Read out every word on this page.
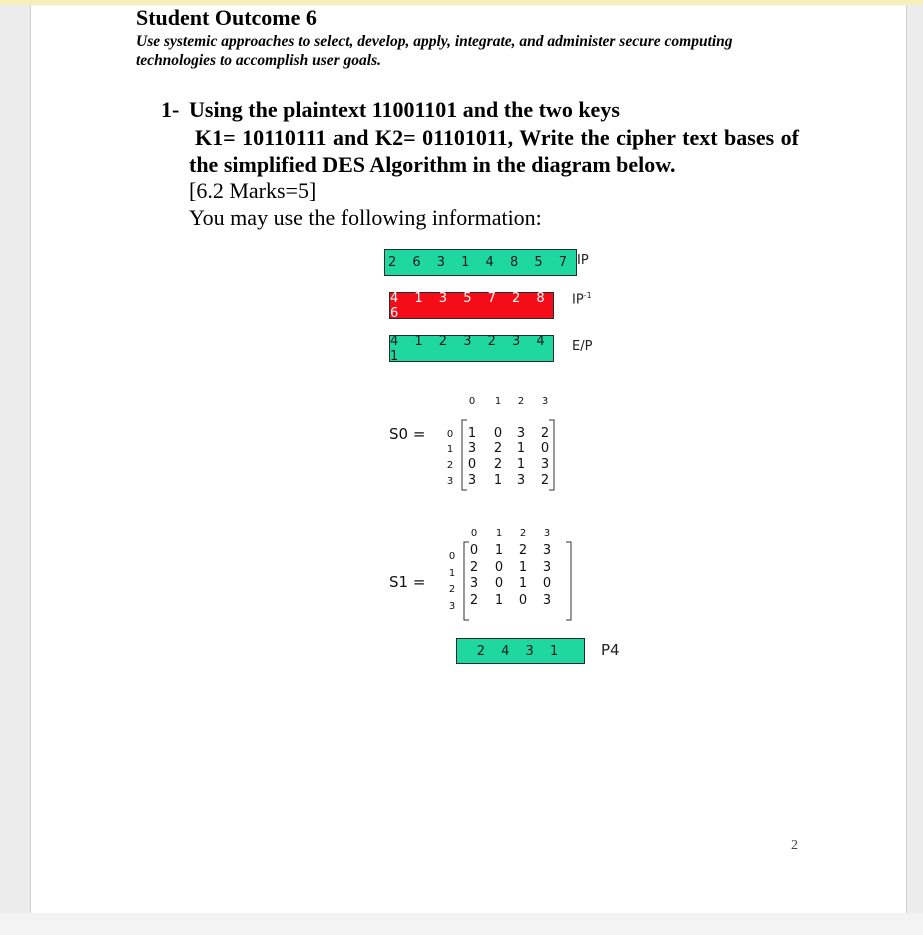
Student Outcome 6
Use systemic approaches to select, develop, apply, integrate, and administer secure computing technologies to accomplish user goals.
1- Using the plaintext 11001101 and the two keys
K1= 10110111 and K2= 01101011, Write the cipher text bases of the simplified DES Algorithm in the diagram below.
[6.2 Marks=5]
You may use the following information:
2 6 3 1 4 8 5 7 IP
4 1 3 5 7 2 8 6
$IP^{-1}$
4 1 2 3 2 3 4 1
E/P
S0 =
0 1 2 3
0
1
2
3
1 0 3 2
3 2 1 0
0 2 1 3
3 1 3 2
S1 =
0 1 2 3
0
1
2
3
0 1 2 3
2 0 1 3
3 0 1 0
2 1 0 3
2 4 3 1	P4
2
